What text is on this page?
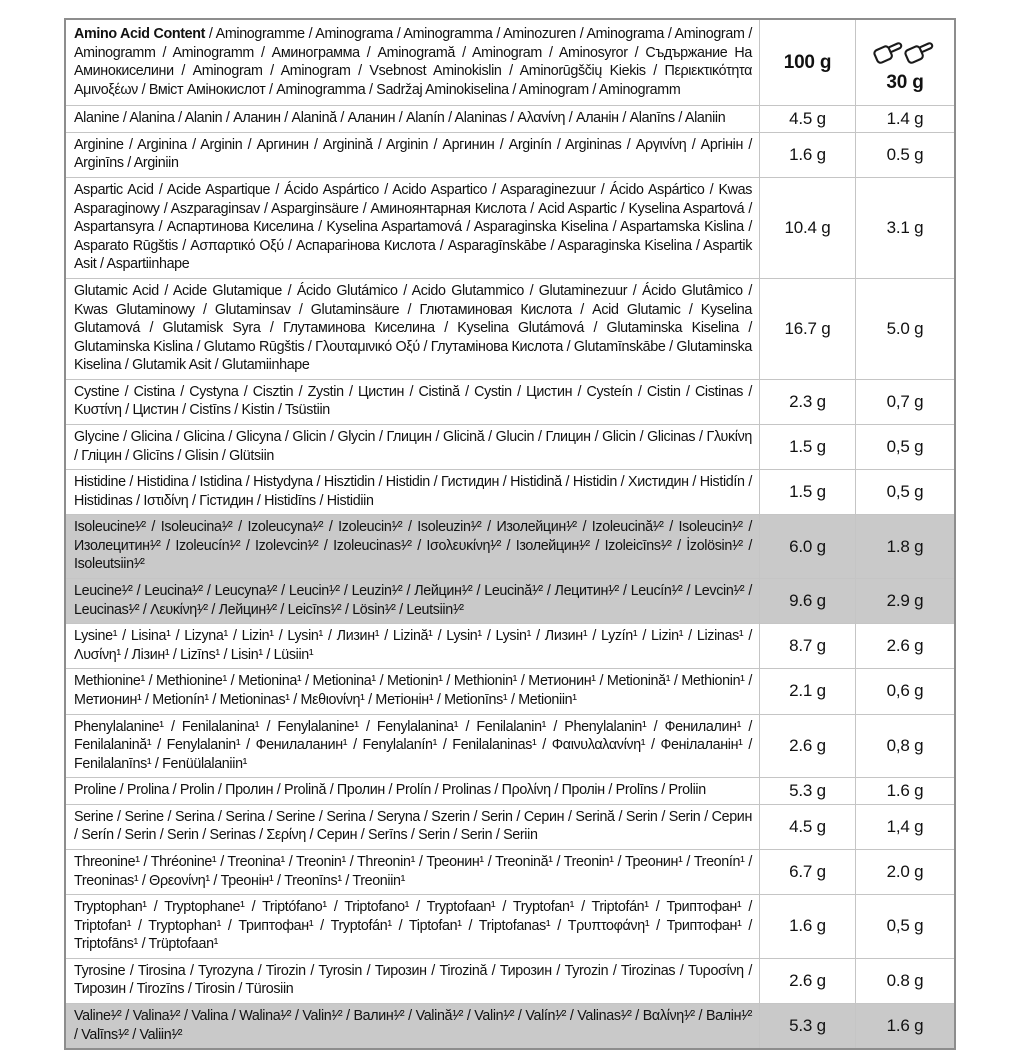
Amino Acid Content / Aminogramme / Aminograma / Aminogramma / Aminozuren / Aminograma / Aminogram / Aminogramm / Aminogramm / Аминограмма / Aminogramă / Aminogram / Aminosyror / Съдържание На Аминокиселини / Aminogram / Aminogram / Vsebnost Aminokislin / Aminorūgščių Kiekis / Περιεκτικότητα Αμινοξέων / Вміст Амінокислот / Aminogramma / Sadržaj Aminokiselina / Aminogram / Aminogramm
100 g
30 g
Alanine / Alanina / Alanin / Аланин / Alanină / Аланин / Alanín / Alaninas / Αλανίνη / Аланін / Alanīns / Alaniin	4.5 g	1.4 g
Arginine / Arginina / Arginin / Аргинин / Arginină / Arginin / Аргинин / Arginín / Argininas / Αργινίνη / Аргінін / Arginīns / Arginiin	1.6 g	0.5 g
Aspartic Acid / Acide Aspartique / Ácido Aspártico / Acido Aspartico / Asparaginezuur / Ácido Aspártico / Kwas Asparaginowy / Aszparaginsav / Asparginsäure / Аминоянтарная Кислота / Acid Aspartic / Kyselina Aspartová / Aspartansyra / Аспартинова Киселина / Kyselina Aspartamová / Asparaginska Kiselina / Aspartamska Kislina / Asparato Rūgštis / Ασπαρτικό Οξύ / Аспарагінова Кислота / Asparagīnskābe / Asparaginska Kiselina / Aspartik Asit / Aspartiinhape
10.4 g	3.1 g
Glutamic Acid / Acide Glutamique / Ácido Glutámico / Acido Glutammico / Glutaminezuur / Ácido Glutâmico / Kwas Glutaminowy / Glutaminsav / Glutaminsäure / Глютаминовая Кислота / Acid Glutamic / Kyselina Glutamová / Glutamisk Syra / Глутаминова Киселина / Kyselina Glutámová / Glutaminska Kiselina / Glutaminska Kislina / Glutamo Rūgštis / Γλουταμινικό Οξύ / Глутамінова Кислота / Glutamīnskābe / Glutaminska Kiselina / Glutamik Asit / Glutamiinhape
16.7 g	5.0 g
Cystine / Cistina / Cystyna / Cisztin / Zystin / Цистин / Cistină / Cystin / Цистин / Cysteín / Cistin / Cistinas / Κυστίνη / Цистин / Cistīns / Kistin / Tsüstiin	2.3 g	0,7 g
Glycine / Glicina / Glicina / Glicyna / Glicin / Glycin / Глицин / Glicină / Glucin / Глицин / Glicin / Glicinas / Γλυκίνη / Гліцин / Glicīns / Glisin / Glütsiin	1.5 g	0,5 g
Histidine / Histidina / Istidina / Histydyna / Hisztidin / Histidin / Гистидин / Histidină / Histidin / Хистидин / Histidín / Histidinas / Ιστιδίνη / Гістидин / Histidīns / Histidiin	1.5 g	0,5 g
Isoleucine¹⁄² / Isoleucina¹⁄² / Izoleucyna¹⁄² / Izoleucin¹⁄² / Isoleuzin¹⁄² / Изолейцин¹⁄² / Izoleucină¹⁄² / Isoleucin¹⁄² / Изолецитин¹⁄² / Izoleucín¹⁄² / Izolevcin¹⁄² / Izoleucinas¹⁄² / Ισολευκίνη¹⁄² / Ізолейцин¹⁄² / Izoleicīns¹⁄² / İzolösin¹⁄² / Isoleutsiin¹⁄²
6.0 g	1.8 g
Leucine¹⁄² / Leucina¹⁄² / Leucyna¹⁄² / Leucin¹⁄² / Leuzin¹⁄² / Лейцин¹⁄² / Leucină¹⁄² / Лецитин¹⁄² / Leucín¹⁄² / Levcin¹⁄² / Leucinas¹⁄² / Λευκίνη¹⁄² / Лейцин¹⁄² / Leicīns¹⁄² / Lösin¹⁄² / Leutsiin¹⁄²	9.6 g	2.9 g
Lysine¹ / Lisina¹ / Lizyna¹ / Lizin¹ / Lysin¹ / Лизин¹ / Lizină¹ / Lysin¹ / Lysin¹ / Лизин¹ / Lyzín¹ / Lizin¹ / Lizinas¹ / Λυσίνη¹ / Лізин¹ / Lizīns¹ / Lisin¹ / Lüsiin¹	8.7 g	2.6 g
Methionine¹ / Methionine¹ / Metionina¹ / Metionina¹ / Metionin¹ / Methionin¹ / Метионин¹ / Metionină¹ / Methionin¹ / Метионин¹ / Metionín¹ / Metioninas¹ / Μεθιονίνη¹ / Метіонін¹ / Metionīns¹ / Metioniin¹	2.1 g	0,6 g
Phenylalanine¹ / Fenilalanina¹ / Fenylalanine¹ / Fenylalanina¹ / Fenilalanin¹ / Phenylalanin¹ / Фенилалин¹ / Fenilalanină¹ / Fenylalanin¹ / Фенилаланин¹ / Fenylalanín¹ / Fenilalaninas¹ / Φαινυλαλανίνη¹ / Фенілаланін¹ / Fenilalanīns¹ / Fenüülalaniin¹
2.6 g	0,8 g
Proline / Prolina / Prolin / Пролин / Prolină / Пролин / Prolín / Prolinas / Προλίνη / Пролін / Prolīns / Proliin	5.3 g	1.6 g
Serine / Serine / Serina / Serina / Serine / Serina / Seryna / Szerin / Serin / Серин / Serină / Serin / Serin / Серин / Serín / Serin / Serin / Serinas / Σερίνη / Серин / Serīns / Serin / Serin / Seriin	4.5 g	1,4 g
Threonine¹ / Thréonine¹ / Treonina¹ / Treonin¹ / Threonin¹ / Треонин¹ / Treonină¹ / Treonin¹ / Треонин¹ / Treonín¹ / Treoninas¹ / Θρεονίνη¹ / Треонін¹ / Treonīns¹ / Treoniin¹	6.7 g	2.0 g
Tryptophan¹ / Tryptophane¹ / Triptófano¹ / Triptofano¹ / Tryptofaan¹ / Tryptofan¹ / Triptofán¹ / Триптофан¹ / Triptofan¹ / Tryptophan¹ / Триптофан¹ / Tryptofán¹ / Tiptofan¹ / Triptofanas¹ / Τρυπτοφάνη¹ / Триптофан¹ / Triptofāns¹ / Trüptofaan¹
1.6 g	0,5 g
Tyrosine / Tirosina / Tyrozyna / Tirozin / Tyrosin / Тирозин / Tirozină / Тирозин / Tyrozin / Tirozinas / Τυροσίνη / Тирозин / Tirozīns / Tirosin / Türosiin	2.6 g	0.8 g
Valine¹⁄² / Valina¹⁄² / Valina / Walina¹⁄² / Valin¹⁄² / Валин¹⁄² / Valină¹⁄² / Valin¹⁄² / Valín¹⁄² / Valinas¹⁄² / Βαλίνη¹⁄² / Валін¹⁄² / Valīns¹⁄² / Valiin¹⁄²	5.3 g	1.6 g
